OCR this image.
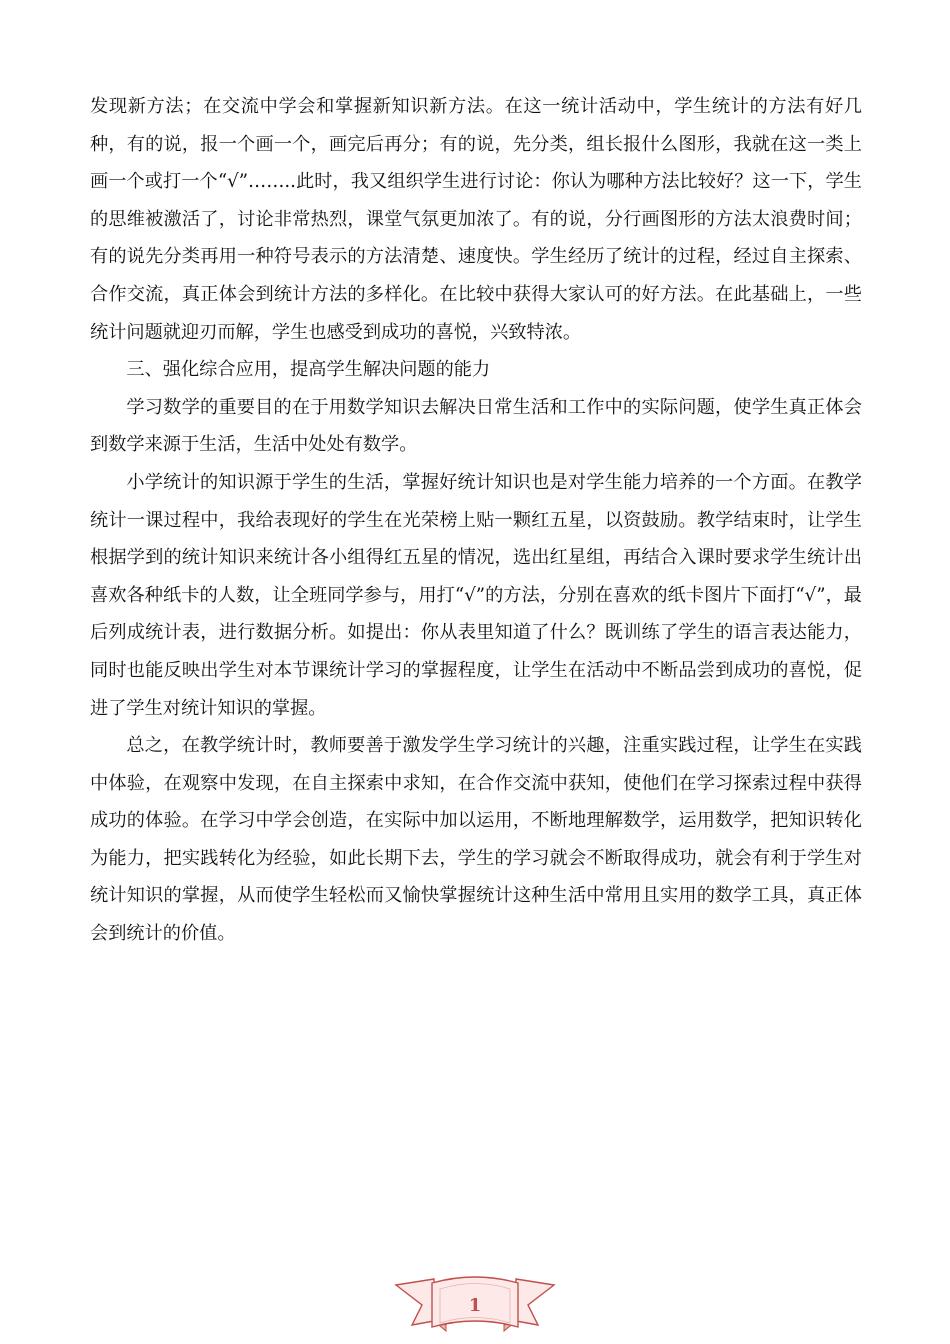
发现新方法；在交流中学会和掌握新知识新方法。在这一统计活动中，学生统计的方法有好几种，有的说，报一个画一个，画完后再分；有的说，先分类，组长报什么图形，我就在这一类上画一个或打一个“√”……..此时，我又组织学生进行讨论：你认为哪种方法比较好？这一下，学生的思维被激活了，讨论非常热烈，课堂气氛更加浓了。有的说，分行画图形的方法太浪费时间；有的说先分类再用一种符号表示的方法清楚、速度快。学生经历了统计的过程，经过自主探索、合作交流，真正体会到统计方法的多样化。在比较中获得大家认可的好方法。在此基础上，一些统计问题就迎刃而解，学生也感受到成功的喜悦，兴致特浓。

三、强化综合应用，提高学生解决问题的能力

学习数学的重要目的在于用数学知识去解决日常生活和工作中的实际问题，使学生真正体会到数学来源于生活，生活中处处有数学。

小学统计的知识源于学生的生活，掌握好统计知识也是对学生能力培养的一个方面。在教学统计一课过程中，我给表现好的学生在光荣榜上贴一颗红五星，以资鼓励。教学结束时，让学生根据学到的统计知识来统计各小组得红五星的情况，选出红星组，再结合入课时要求学生统计出喜欢各种纸卡的人数，让全班同学参与，用打“√”的方法，分别在喜欢的纸卡图片下面打“√”，最后列成统计表，进行数据分析。如提出：你从表里知道了什么？既训练了学生的语言表达能力，同时也能反映出学生对本节课统计学习的掌握程度，让学生在活动中不断品尝到成功的喜悦，促进了学生对统计知识的掌握。

总之，在教学统计时，教师要善于激发学生学习统计的兴趣，注重实践过程，让学生在实践中体验，在观察中发现，在自主探索中求知，在合作交流中获知，使他们在学习探索过程中获得成功的体验。在学习中学会创造，在实际中加以运用，不断地理解数学，运用数学，把知识转化为能力，把实践转化为经验，如此长期下去，学生的学习就会不断取得成功，就会有利于学生对统计知识的掌握，从而使学生轻松而又愉快掌握统计这种生活中常用且实用的数学工具，真正体会到统计的价值。

1
